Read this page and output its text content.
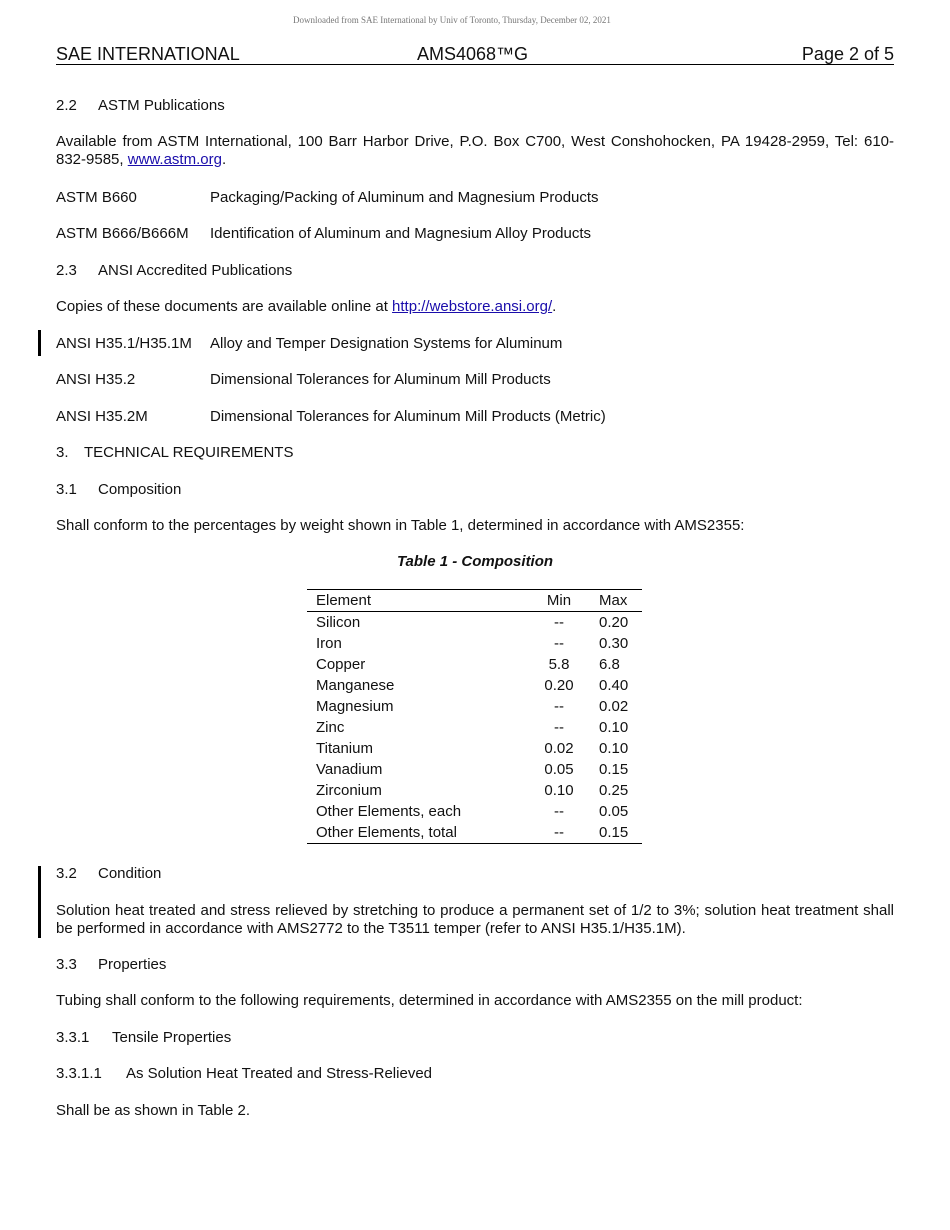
Downloaded from SAE International by Univ of Toronto, Thursday, December 02, 2021
SAE INTERNATIONAL	AMS4068™G	Page 2 of 5
2.2 ASTM Publications
Available from ASTM International, 100 Barr Harbor Drive, P.O. Box C700, West Conshohocken, PA 19428-2959, Tel: 610-832-9585, www.astm.org.
ASTM B660	Packaging/Packing of Aluminum and Magnesium Products
ASTM B666/B666M Identification of Aluminum and Magnesium Alloy Products
2.3 ANSI Accredited Publications
Copies of these documents are available online at http://webstore.ansi.org/.
ANSI H35.1/H35.1M Alloy and Temper Designation Systems for Aluminum
ANSI H35.2	Dimensional Tolerances for Aluminum Mill Products
ANSI H35.2M	Dimensional Tolerances for Aluminum Mill Products (Metric)
3. TECHNICAL REQUIREMENTS
3.1 Composition
Shall conform to the percentages by weight shown in Table 1, determined in accordance with AMS2355:
Table 1 - Composition
Element	Min	Max
Silicon	--	0.20
Iron	--	0.30
Copper	5.8	6.8
Manganese	0.20	0.40
Magnesium	--	0.02
Zinc	--	0.10
Titanium	0.02	0.10
Vanadium	0.05	0.15
Zirconium	0.10	0.25
Other Elements, each	--	0.05
Other Elements, total	--	0.15
3.2 Condition
Solution heat treated and stress relieved by stretching to produce a permanent set of 1/2 to 3%; solution heat treatment shall be performed in accordance with AMS2772 to the T3511 temper (refer to ANSI H35.1/H35.1M).
3.3 Properties
Tubing shall conform to the following requirements, determined in accordance with AMS2355 on the mill product:
3.3.1 Tensile Properties
3.3.1.1 As Solution Heat Treated and Stress-Relieved
Shall be as shown in Table 2.
